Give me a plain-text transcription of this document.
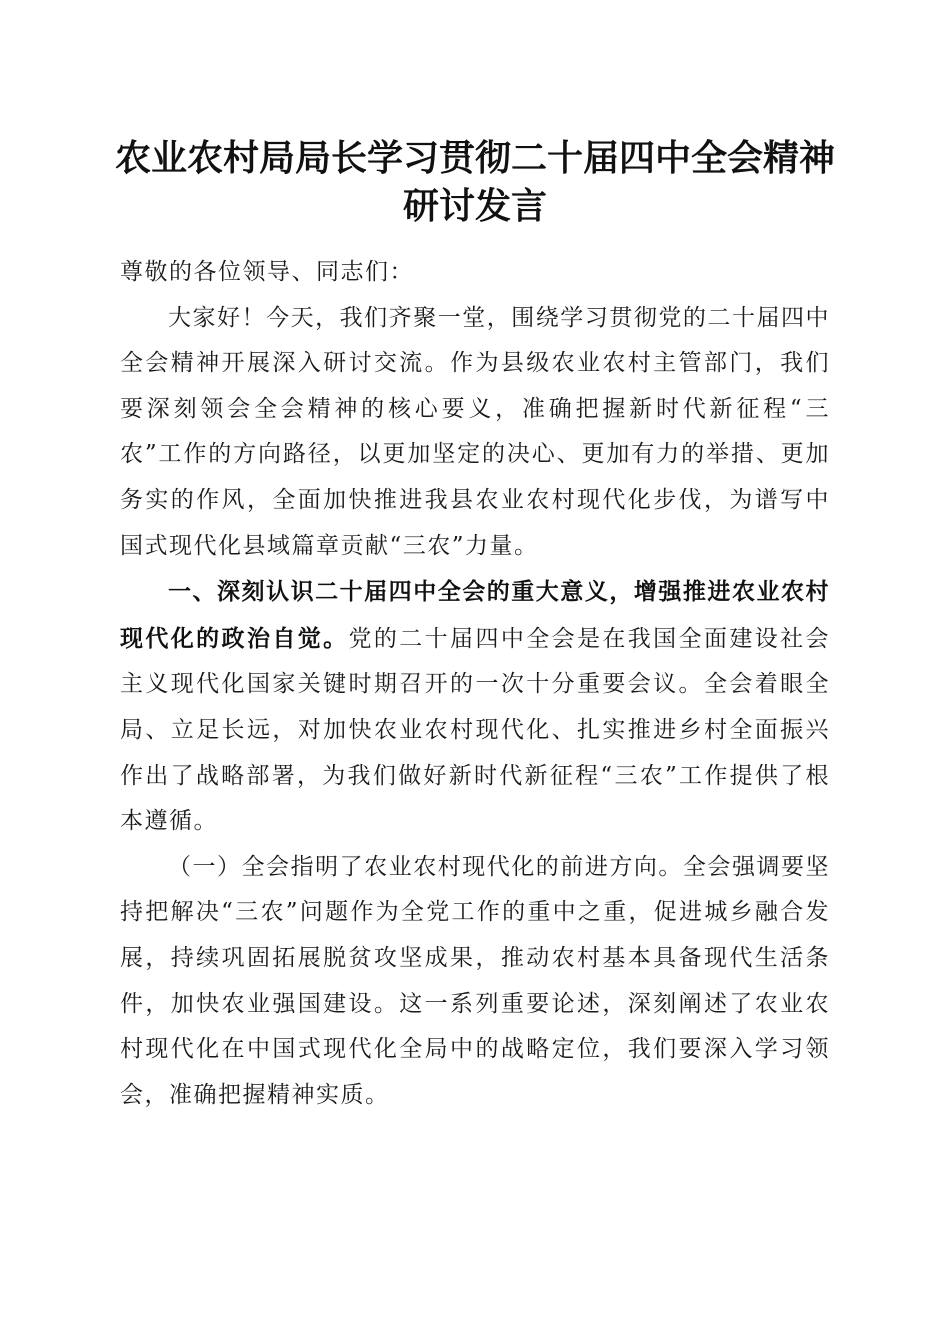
农业农村局局长学习贯彻二十届四中全会精神
研讨发言

尊敬的各位领导、同志们：

大家好！今天，我们齐聚一堂，围绕学习贯彻党的二十届四中全会精神开展深入研讨交流。作为县级农业农村主管部门，我们要深刻领会全会精神的核心要义，准确把握新时代新征程“三农”工作的方向路径，以更加坚定的决心、更加有力的举措、更加务实的作风，全面加快推进我县农业农村现代化步伐，为谱写中国式现代化县域篇章贡献“三农”力量。

一、深刻认识二十届四中全会的重大意义，增强推进农业农村现代化的政治自觉。党的二十届四中全会是在我国全面建设社会主义现代化国家关键时期召开的一次十分重要会议。全会着眼全局、立足长远，对加快农业农村现代化、扎实推进乡村全面振兴作出了战略部署，为我们做好新时代新征程“三农”工作提供了根本遵循。

（一）全会指明了农业农村现代化的前进方向。全会强调要坚持把解决“三农”问题作为全党工作的重中之重，促进城乡融合发展，持续巩固拓展脱贫攻坚成果，推动农村基本具备现代生活条件，加快农业强国建设。这一系列重要论述，深刻阐述了农业农村现代化在中国式现代化全局中的战略定位，我们要深入学习领会，准确把握精神实质。
